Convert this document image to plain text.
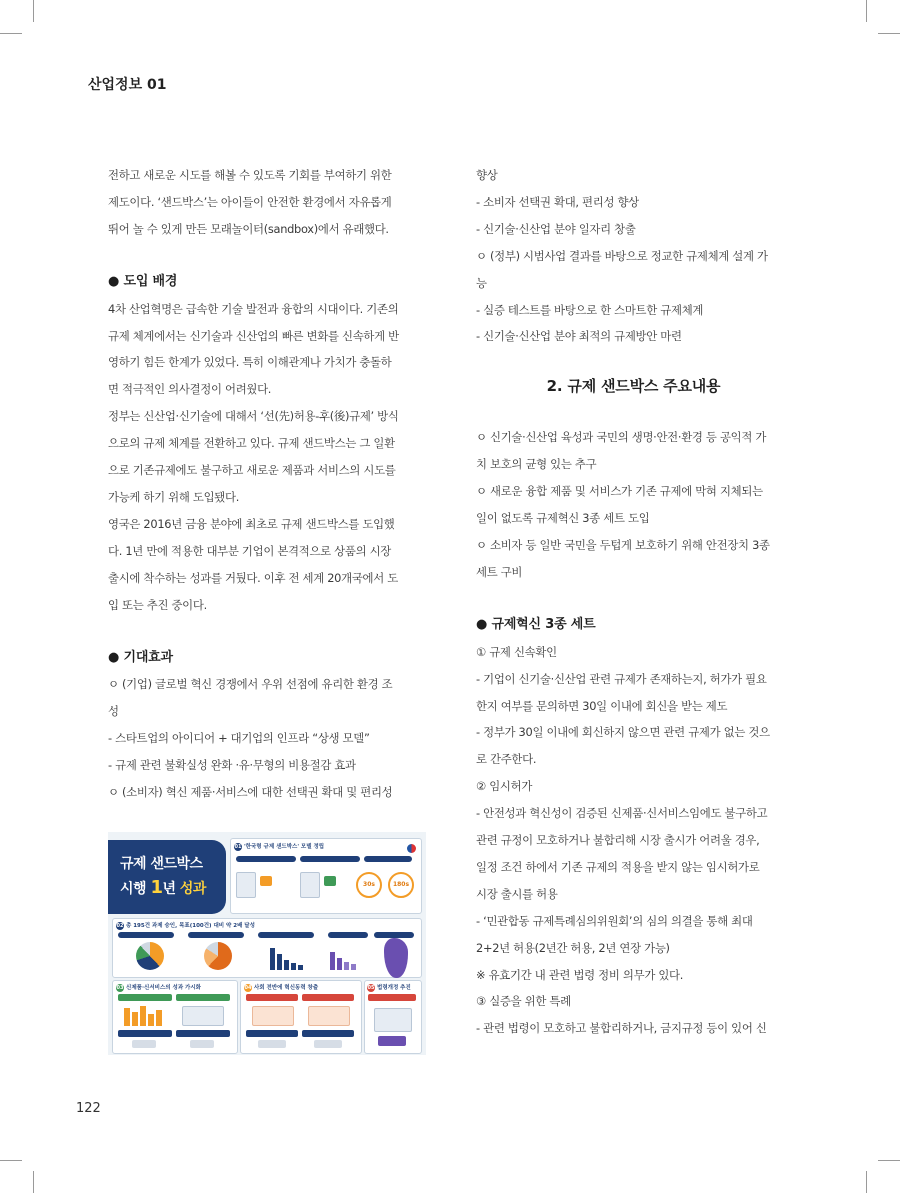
산업정보 01

전하고 새로운 시도를 해볼 수 있도록 기회를 부여하기 위한

제도이다. ‘샌드박스’는 아이들이 안전한 환경에서 자유롭게

뛰어 놀 수 있게 만든 모래놀이터(sandbox)에서 유래했다.

● 도입 배경

4차 산업혁명은 급속한 기술 발전과 융합의 시대이다. 기존의

규제 체계에서는 신기술과 신산업의 빠른 변화를 신속하게 반

영하기 힘든 한계가 있었다. 특히 이해관계나 가치가 충돌하

면 적극적인 의사결정이 어려웠다.

정부는 신산업·신기술에 대해서 ‘선(先)허용-후(後)규제’ 방식

으로의 규제 체계를 전환하고 있다. 규제 샌드박스는 그 일환

으로 기존규제에도 불구하고 새로운 제품과 서비스의 시도를

가능케 하기 위해 도입됐다.

영국은 2016년 금융 분야에 최초로 규제 샌드박스를 도입했

다. 1년 만에 적용한 대부분 기업이 본격적으로 상품의 시장

출시에 착수하는 성과를 거뒀다. 이후 전 세계 20개국에서 도

입 또는 추진 중이다.

● 기대효과

ㅇ (기업) 글로벌 혁신 경쟁에서 우위 선점에 유리한 환경 조

성

- 스타트업의 아이디어 + 대기업의 인프라 “상생 모델”

- 규제 관련 불확실성 완화 ·유·무형의 비용절감 효과

ㅇ (소비자) 혁신 제품·서비스에 대한 선택권 확대 및 편리성

향상

- 소비자 선택권 확대, 편리성 향상

- 신기술·신산업 분야 일자리 창출

ㅇ (정부) 시범사업 결과를 바탕으로 정교한 규제체계 설계 가

능

- 실증 테스트를 바탕으로 한 스마트한 규제체계

- 신기술·신산업 분야 최적의 규제방안 마련

2. 규제 샌드박스 주요내용

ㅇ 신기술·신산업 육성과 국민의 생명·안전·환경 등 공익적 가

치 보호의 균형 있는 추구

ㅇ 새로운 융합 제품 및 서비스가 기존 규제에 막혀 지체되는

일이 없도록 규제혁신 3종 세트 도입

ㅇ 소비자 등 일반 국민을 두텁게 보호하기 위해 안전장치 3종

세트 구비

● 규제혁신 3종 세트

① 규제 신속확인

- 기업이 신기술·신산업 관련 규제가 존재하는지, 허가가 필요

한지 여부를 문의하면 30일 이내에 회신을 받는 제도

- 정부가 30일 이내에 회신하지 않으면 관련 규제가 없는 것으

로 간주한다.

② 임시허가

- 안전성과 혁신성이 검증된 신제품·신서비스임에도 불구하고

관련 규정이 모호하거나 불합리해 시장 출시가 어려울 경우,

일정 조건 하에서 기존 규제의 적용을 받지 않는 임시허가로

시장 출시를 허용

- ‘민관합동 규제특례심의위원회’의 심의 의결을 통해 최대

2+2년 허용(2년간 허용, 2년 연장 가능)

※ 유효기간 내 관련 법령 정비 의무가 있다.

③ 실증을 위한 특례

- 관련 법령이 모호하고 불합리하거나, 금지규정 등이 있어 신

규제 샌드박스
시행 1년 성과
01 '한국형 규제 샌드박스' 모델 정립
30s	180s
02 총 195건 과제 승인, 목표(100건) 대비 약 2배 달성
03 신제품·신서비스의 성과 가시화	04 사회 전반에 혁신동력 창출	05 법령개정 추진
122
